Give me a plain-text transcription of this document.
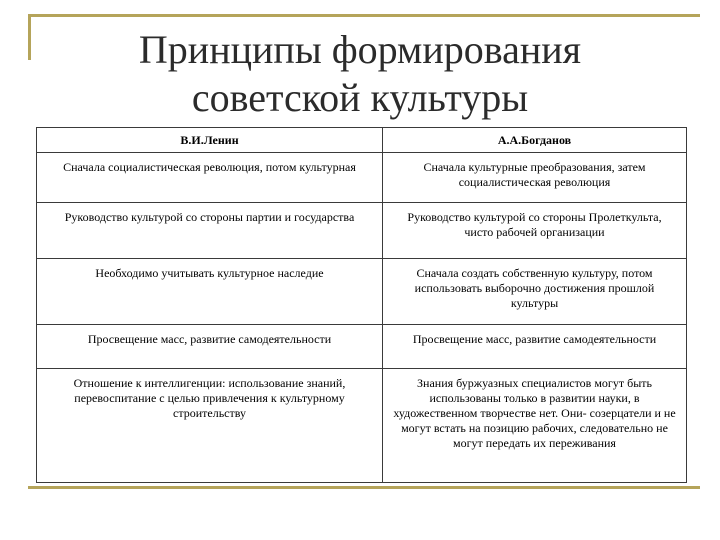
Принципы формирования
советской культуры
В.И.Ленин	А.А.Богданов
Сначала социалистическая революция, потом культурная	Сначала культурные преобразования, затем социалистическая революция
Руководство культурой со стороны партии и государства	Руководство культурой со стороны Пролеткульта, чисто рабочей организации
Необходимо учитывать культурное наследие	Сначала создать собственную культуру, потом использовать выборочно достижения прошлой культуры
Просвещение масс, развитие самодеятельности	Просвещение масс, развитие самодеятельности
Отношение к интеллигенции: использование знаний, перевоспитание с целью привлечения к культурному строительству	Знания буржуазных специалистов могут быть использованы только в развитии науки, в художественном творчестве нет. Они- созерцатели и не могут встать на позицию рабочих, следовательно не могут передать их переживания
